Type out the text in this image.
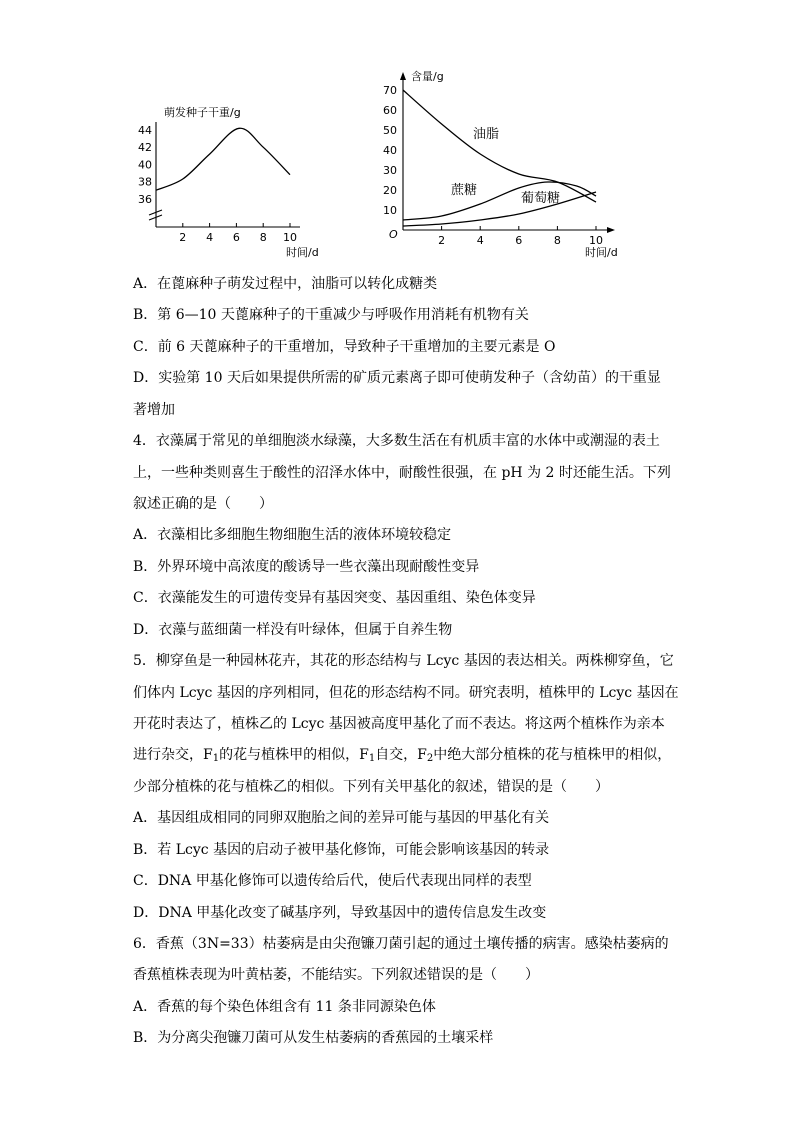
萌发种子干重/g
44
42
40
38
36
2 4 6 8 10
时间/d
含量/g
O
70
60
50
40
30
20
10
2	4	6	8	10
油脂
蔗糖
葡萄糖
时间/d
A．在蓖麻种子萌发过程中，油脂可以转化成糖类
B．第 6—10 天蓖麻种子的干重减少与呼吸作用消耗有机物有关
C．前 6 天蓖麻种子的干重增加，导致种子干重增加的主要元素是 O
D．实验第 10 天后如果提供所需的矿质元素离子即可使萌发种子（含幼苗）的干重显
著增加
4．衣藻属于常见的单细胞淡水绿藻，大多数生活在有机质丰富的水体中或潮湿的表土
上，一些种类则喜生于酸性的沼泽水体中，耐酸性很强，在 pH 为 2 时还能生活。下列
叙述正确的是（　　）
A．衣藻相比多细胞生物细胞生活的液体环境较稳定
B．外界环境中高浓度的酸诱导一些衣藻出现耐酸性变异
C．衣藻能发生的可遗传变异有基因突变、基因重组、染色体变异
D．衣藻与蓝细菌一样没有叶绿体，但属于自养生物
5．柳穿鱼是一种园林花卉，其花的形态结构与 Lcyc 基因的表达相关。两株柳穿鱼，它
们体内 Lcyc 基因的序列相同，但花的形态结构不同。研究表明，植株甲的 Lcyc 基因在
开花时表达了，植株乙的 Lcyc 基因被高度甲基化了而不表达。将这两个植株作为亲本
进行杂交，$F_1$的花与植株甲的相似，$F_1$自交，$F_2$中绝大部分植株的花与植株甲的相似，
少部分植株的花与植株乙的相似。下列有关甲基化的叙述，错误的是（　　）
A．基因组成相同的同卵双胞胎之间的差异可能与基因的甲基化有关
B．若 Lcyc 基因的启动子被甲基化修饰，可能会影响该基因的转录
C．DNA 甲基化修饰可以遗传给后代，使后代表现出同样的表型
D．DNA 甲基化改变了碱基序列，导致基因中的遗传信息发生改变
6．香蕉（3N=33）枯萎病是由尖孢镰刀菌引起的通过土壤传播的病害。感染枯萎病的
香蕉植株表现为叶黄枯萎，不能结实。下列叙述错误的是（　　）
A．香蕉的每个染色体组含有 11 条非同源染色体
B．为分离尖孢镰刀菌可从发生枯萎病的香蕉园的土壤采样
